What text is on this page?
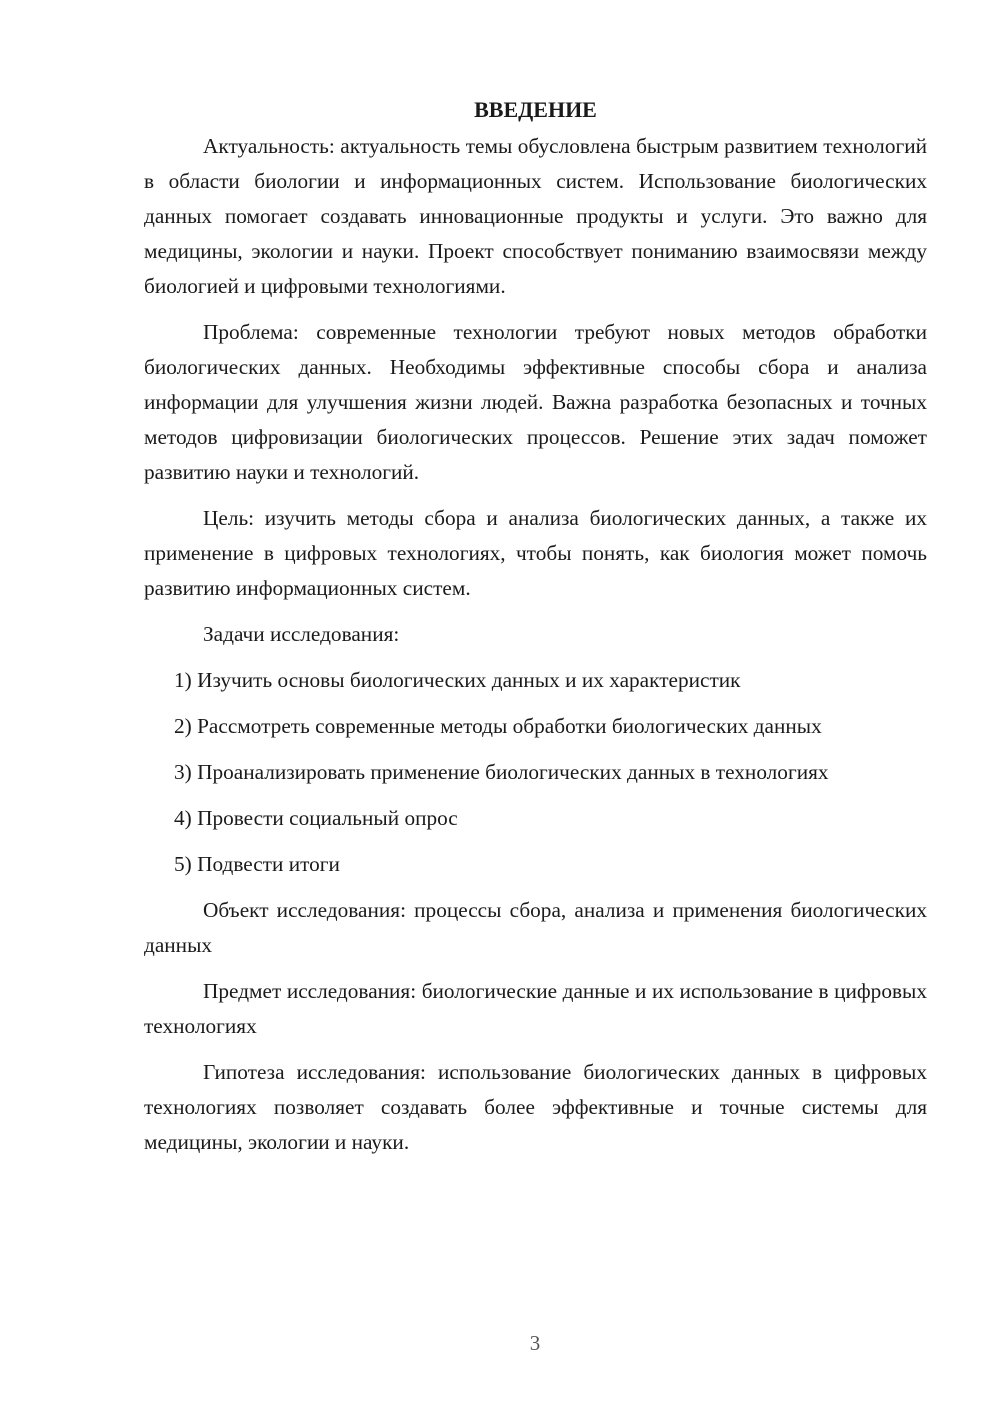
ВВЕДЕНИЕ

Актуальность: актуальность темы обусловлена быстрым развитием технологий в области биологии и информационных систем. Использование биологических данных помогает создавать инновационные продукты и услуги. Это важно для медицины, экологии и науки. Проект способствует пониманию взаимосвязи между биологией и цифровыми технологиями.

Проблема: современные технологии требуют новых методов обработки биологических данных. Необходимы эффективные способы сбора и анализа информации для улучшения жизни людей. Важна разработка безопасных и точных методов цифровизации биологических процессов. Решение этих задач поможет развитию науки и технологий.

Цель: изучить методы сбора и анализа биологических данных, а также их применение в цифровых технологиях, чтобы понять, как биология может помочь развитию информационных систем.

Задачи исследования:

1) Изучить основы биологических данных и их характеристик

2) Рассмотреть современные методы обработки биологических данных

3) Проанализировать применение биологических данных в технологиях

4) Провести социальный опрос

5) Подвести итоги

Объект исследования: процессы сбора, анализа и применения биологических данных

Предмет исследования: биологические данные и их использование в цифровых технологиях

Гипотеза исследования: использование биологических данных в цифровых технологиях позволяет создавать более эффективные и точные системы для медицины, экологии и науки.

3
